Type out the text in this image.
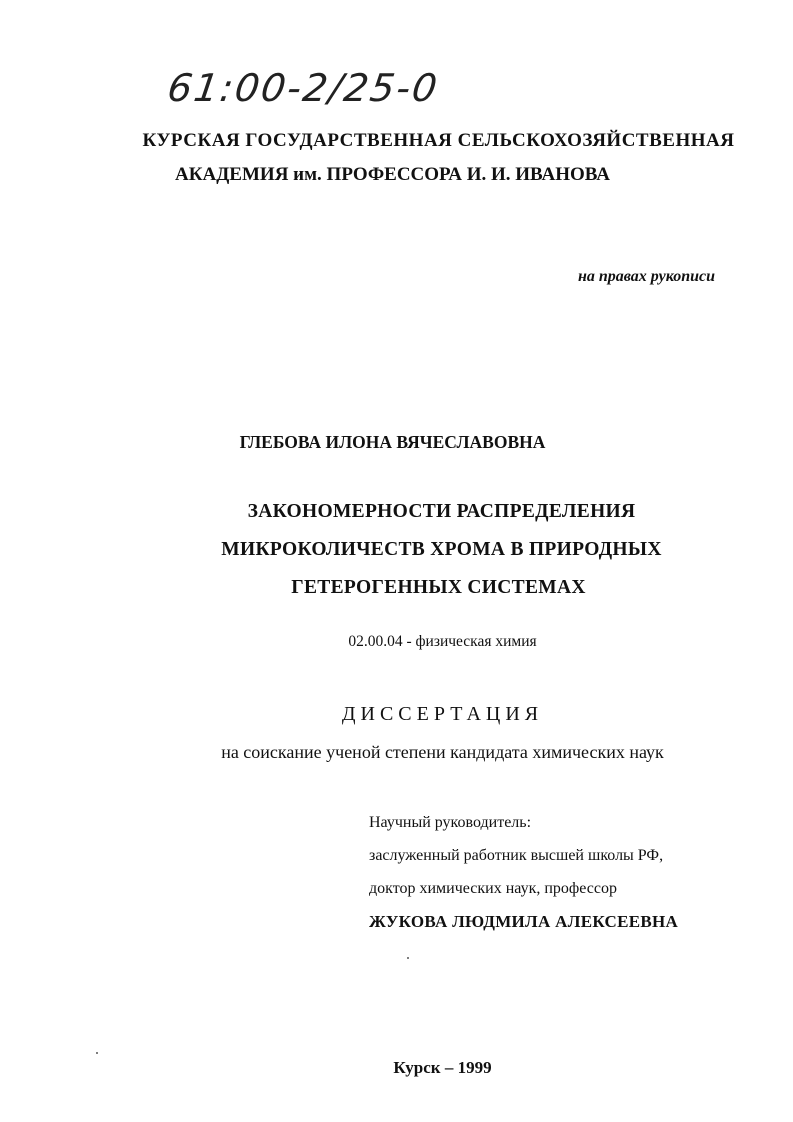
61:00-2/25-0
КУРСКАЯ ГОСУДАРСТВЕННАЯ СЕЛЬСКОХОЗЯЙСТВЕННАЯ
АКАДЕМИЯ им. ПРОФЕССОРА И. И. ИВАНОВА
на правах рукописи
ГЛЕБОВА ИЛОНА ВЯЧЕСЛАВОВНА
ЗАКОНОМЕРНОСТИ РАСПРЕДЕЛЕНИЯ
МИКРОКОЛИЧЕСТВ ХРОМА В ПРИРОДНЫХ
ГЕТЕРОГЕННЫХ СИСТЕМАХ
02.00.04 - физическая химия
ДИССЕРТАЦИЯ
на соискание ученой степени кандидата химических наук
Научный руководитель:
заслуженный работник высшей школы РФ,
доктор химических наук, профессор
ЖУКОВА ЛЮДМИЛА АЛЕКСЕЕВНА
Курск – 1999
